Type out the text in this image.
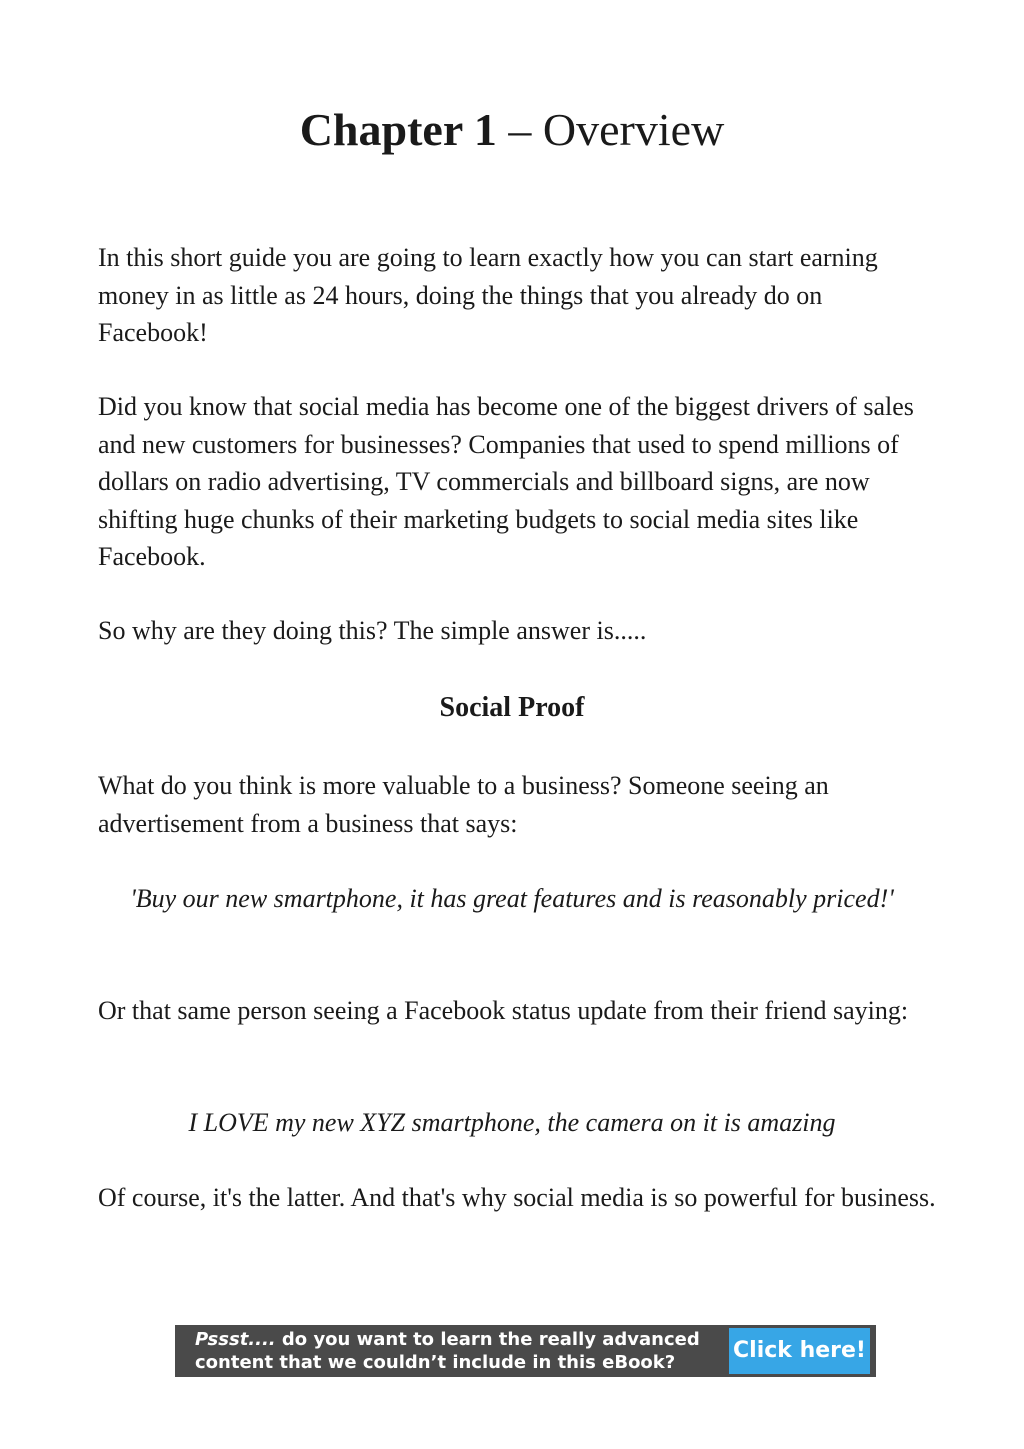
Chapter 1 – Overview

In this short guide you are going to learn exactly how you can start earning money in as little as 24 hours, doing the things that you already do on Facebook!

Did you know that social media has become one of the biggest drivers of sales and new customers for businesses? Companies that used to spend millions of dollars on radio advertising, TV commercials and billboard signs, are now shifting huge chunks of their marketing budgets to social media sites like Facebook.

So why are they doing this? The simple answer is.....

Social Proof

What do you think is more valuable to a business? Someone seeing an advertisement from a business that says:

'Buy our new smartphone, it has great features and is reasonably priced!'

Or that same person seeing a Facebook status update from their friend saying:

I LOVE my new XYZ smartphone, the camera on it is amazing

Of course, it's the latter. And that's why social media is so powerful for business.

Pssst.... do you want to learn the really advanced content that we couldn’t include in this eBook?	Click here!
